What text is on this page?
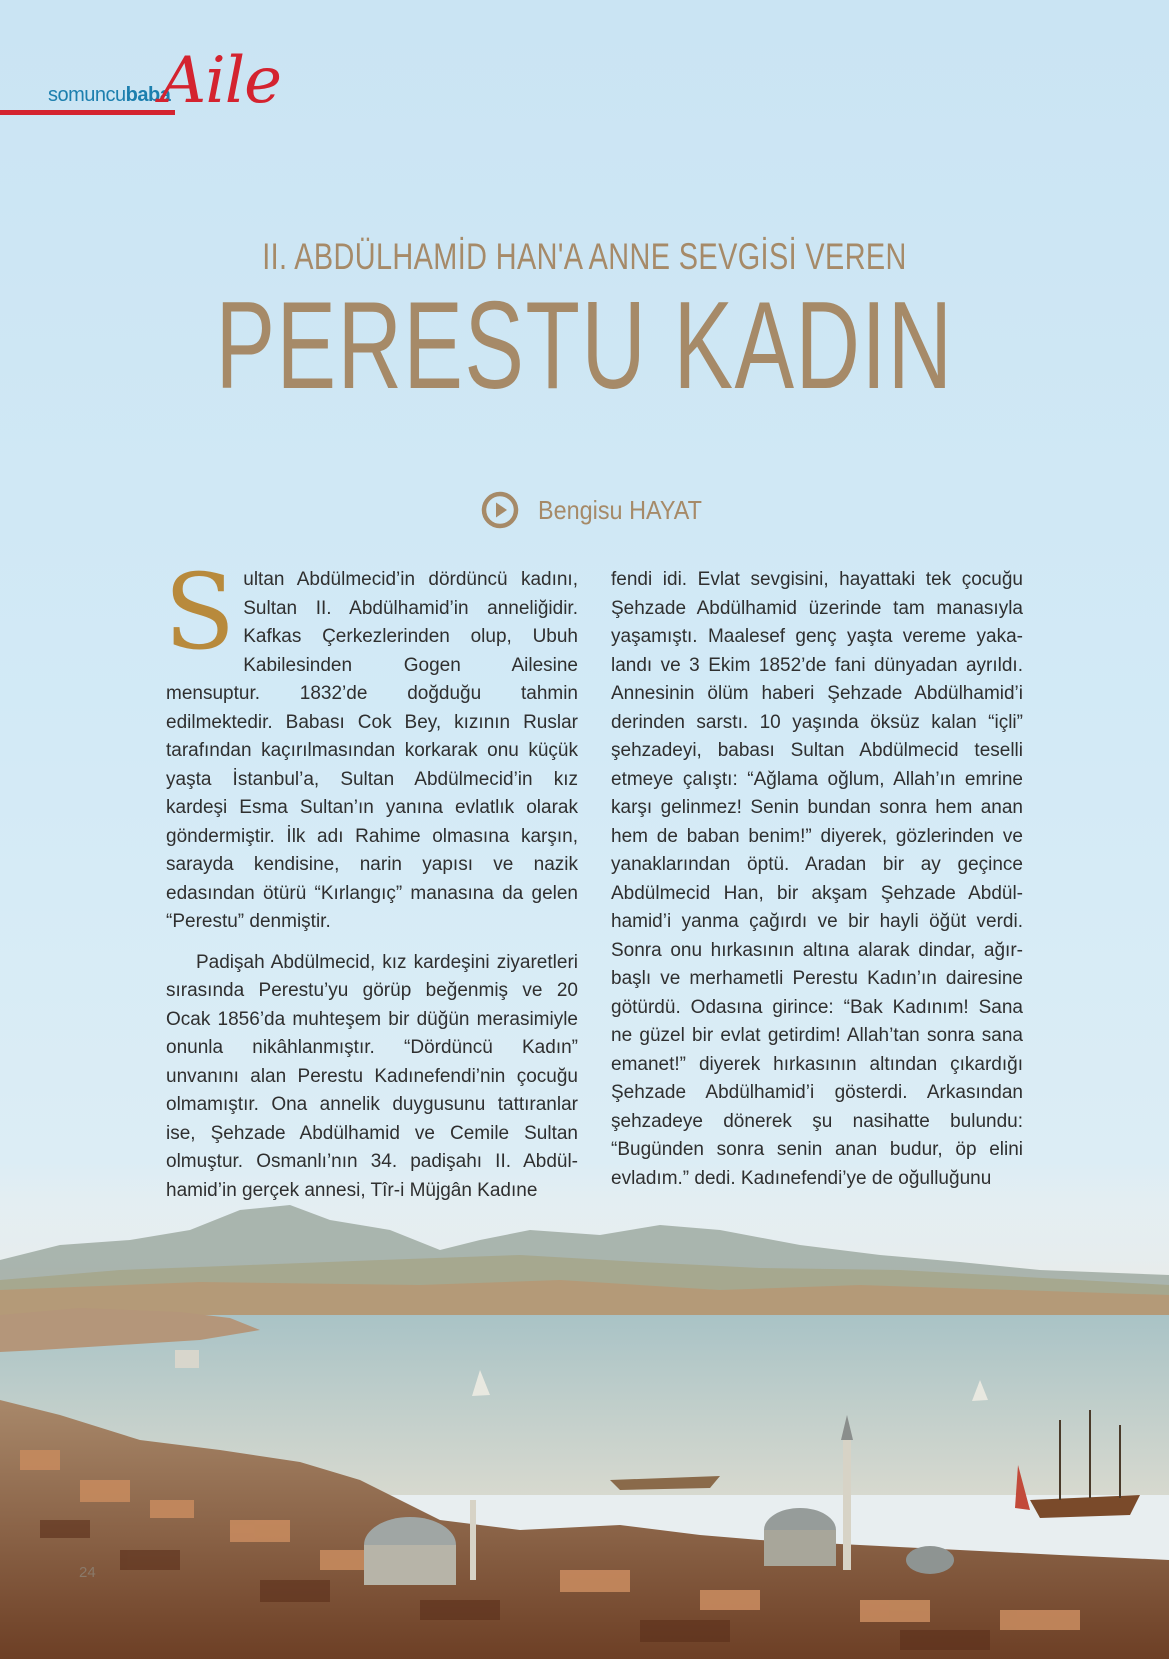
somuncubaba
Aile
II. ABDÜLHAMİD HAN'A ANNE SEVGİSİ VEREN
PERESTU KADIN
Bengisu HAYAT

Sultan Abdülmecid’in dördüncü kadını, Sultan II. Abdülhamid’in anneliğidir. Kafkas Çerkezlerinden olup, Ubuh Kabilesinden Gogen Ailesine mensuptur. 1832’de doğduğu tahmin edilmektedir. Babası Cok Bey, kızının Ruslar tarafından kaçırılmasından korkarak onu küçük yaşta İstanbul’a, Sultan Abdülmecid’in kız kardeşi Esma Sultan’ın yanına evlatlık olarak göndermiştir. İlk adı Rahime olmasına karşın, sarayda kendisine, narin yapısı ve nazik edasından ötürü “Kırlangıç” manasına da gelen “Perestu” denmiştir.

Padişah Abdülmecid, kız kardeşini ziyaretleri sırasında Perestu’yu görüp beğenmiş ve 20 Ocak 1856’da muhteşem bir düğün merasimiyle onunla nikâhlanmıştır. “Dördüncü Kadın” unvanını alan Perestu Kadınefendi’nin çocuğu olmamıştır. Ona annelik duygusunu tattıranlar ise, Şehzade Abdülhamid ve Cemile Sultan olmuştur. Osmanlı’nın 34. padişahı II. Abdülhamid’in gerçek annesi, Tîr-i Müjgân Kadıne

fendi idi. Evlat sevgisini, hayattaki tek çocuğu Şehzade Abdülhamid üzerinde tam manasıyla yaşamıştı. Maalesef genç yaşta vereme yakalandı ve 3 Ekim 1852’de fani dünyadan ayrıldı. Annesinin ölüm haberi Şehzade Abdülhamid’i derinden sarstı. 10 yaşında öksüz kalan “içli” şehzadeyi, babası Sultan Abdülmecid teselli etmeye çalıştı: “Ağlama oğlum, Allah’ın emrine karşı gelinmez! Senin bundan sonra hem anan hem de baban benim!” diyerek, gözlerinden ve yanaklarından öptü. Aradan bir ay geçince Abdülmecid Han, bir akşam Şehzade Abdülhamid’i yanma çağırdı ve bir hayli öğüt verdi. Sonra onu hırkasının altına alarak dindar, ağırbaşlı ve merhametli Perestu Kadın’ın dairesine götürdü. Odasına girince: “Bak Kadınım! Sana ne güzel bir evlat getirdim! Allah’tan sonra sana emanet!” diyerek hırkasının altından çıkardığı Şehzade Abdülhamid’i gösterdi. Arkasından şehzadeye dönerek şu nasihatte bulundu: “Bugünden sonra senin anan budur, öp elini evladım.” dedi. Kadınefendi’ye de oğulluğunu

24
